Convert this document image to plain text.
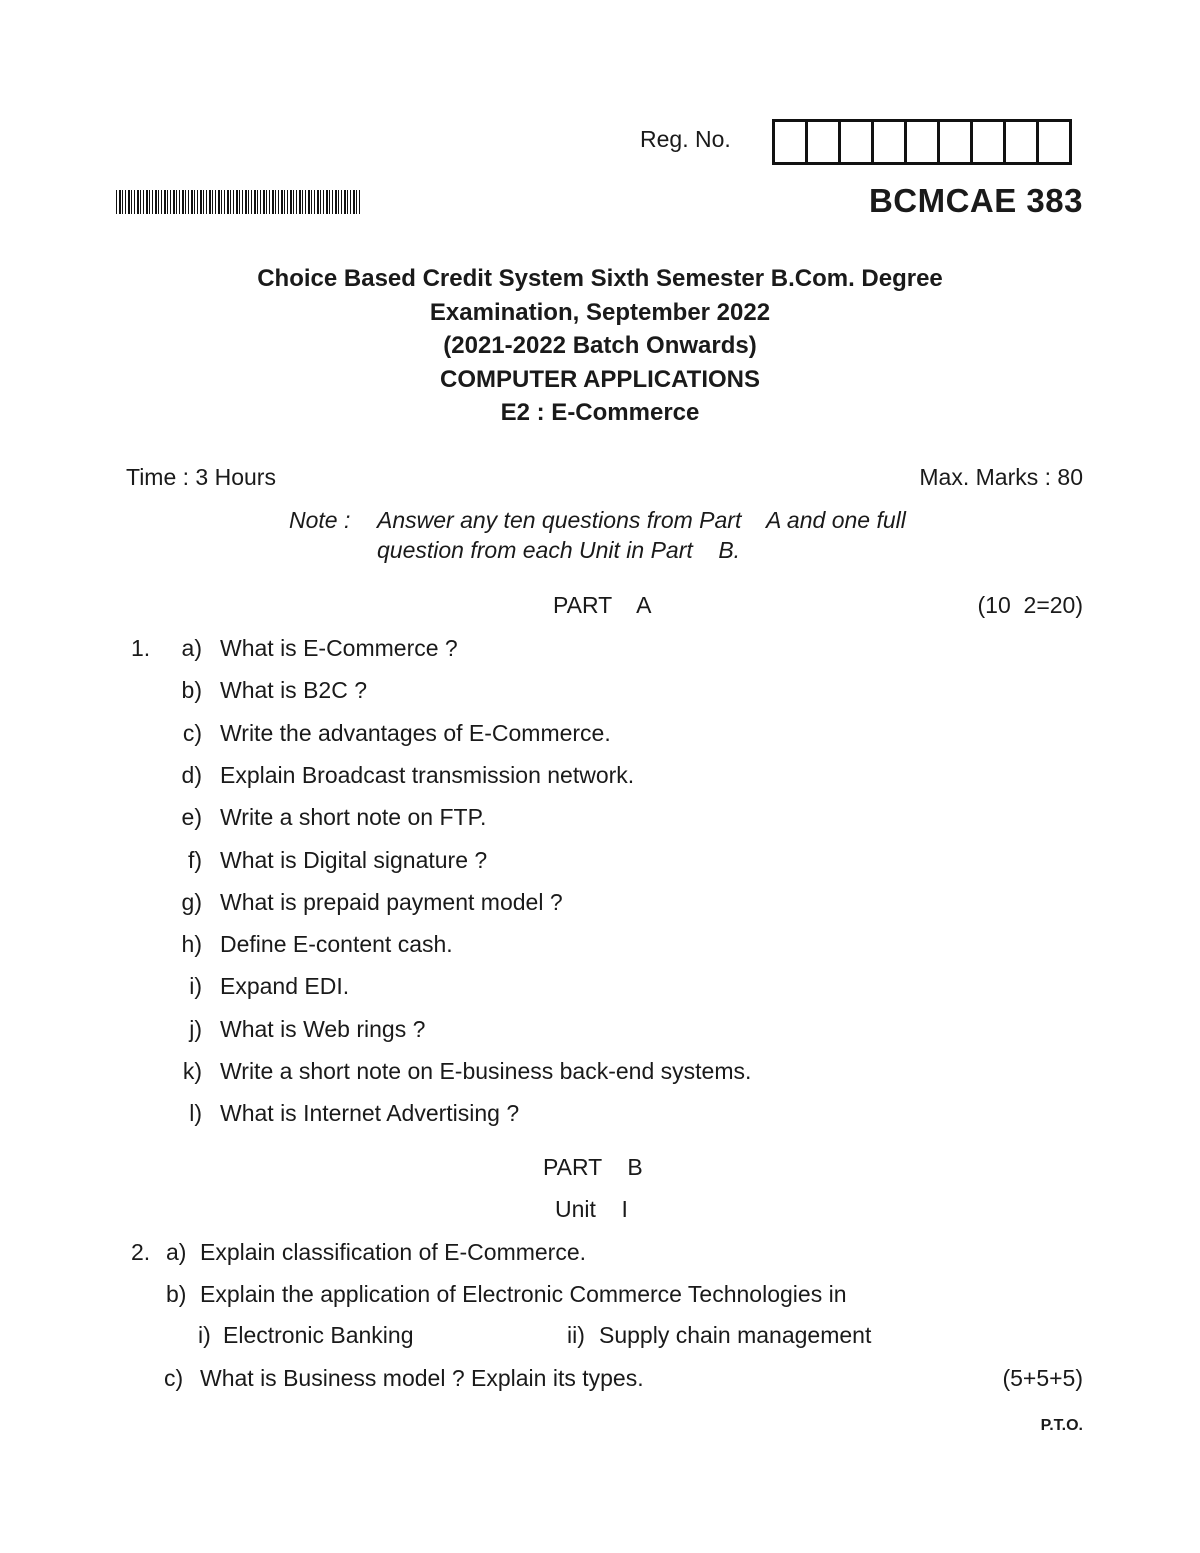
Reg. No.
BCMCAE 383
Choice Based Credit System Sixth Semester B.Com. Degree
Examination, September 2022
(2021-2022 Batch Onwards)
COMPUTER APPLICATIONS
E2 : E-Commerce
Time : 3 Hours	Max. Marks : 80
Note : Answer any ten questions from Part    A and one full
question from each Unit in Part    B.
PART    A	(10  2=20)
1.	a) What is E-Commerce ?
b) What is B2C ?
c) Write the advantages of E-Commerce.
d) Explain Broadcast transmission network.
e) Write a short note on FTP.
f) What is Digital signature ?
g) What is prepaid payment model ?
h) Define E-content cash.
i) Expand EDI.
j) What is Web rings ?
k) Write a short note on E-business back-end systems.
l) What is Internet Advertising ?
PART    B
Unit    I
2. a) Explain classification of E-Commerce.
b) Explain the application of Electronic Commerce Technologies in
i) Electronic Banking	ii) Supply chain management
c) What is Business model ? Explain its types.	(5+5+5)
P.T.O.
